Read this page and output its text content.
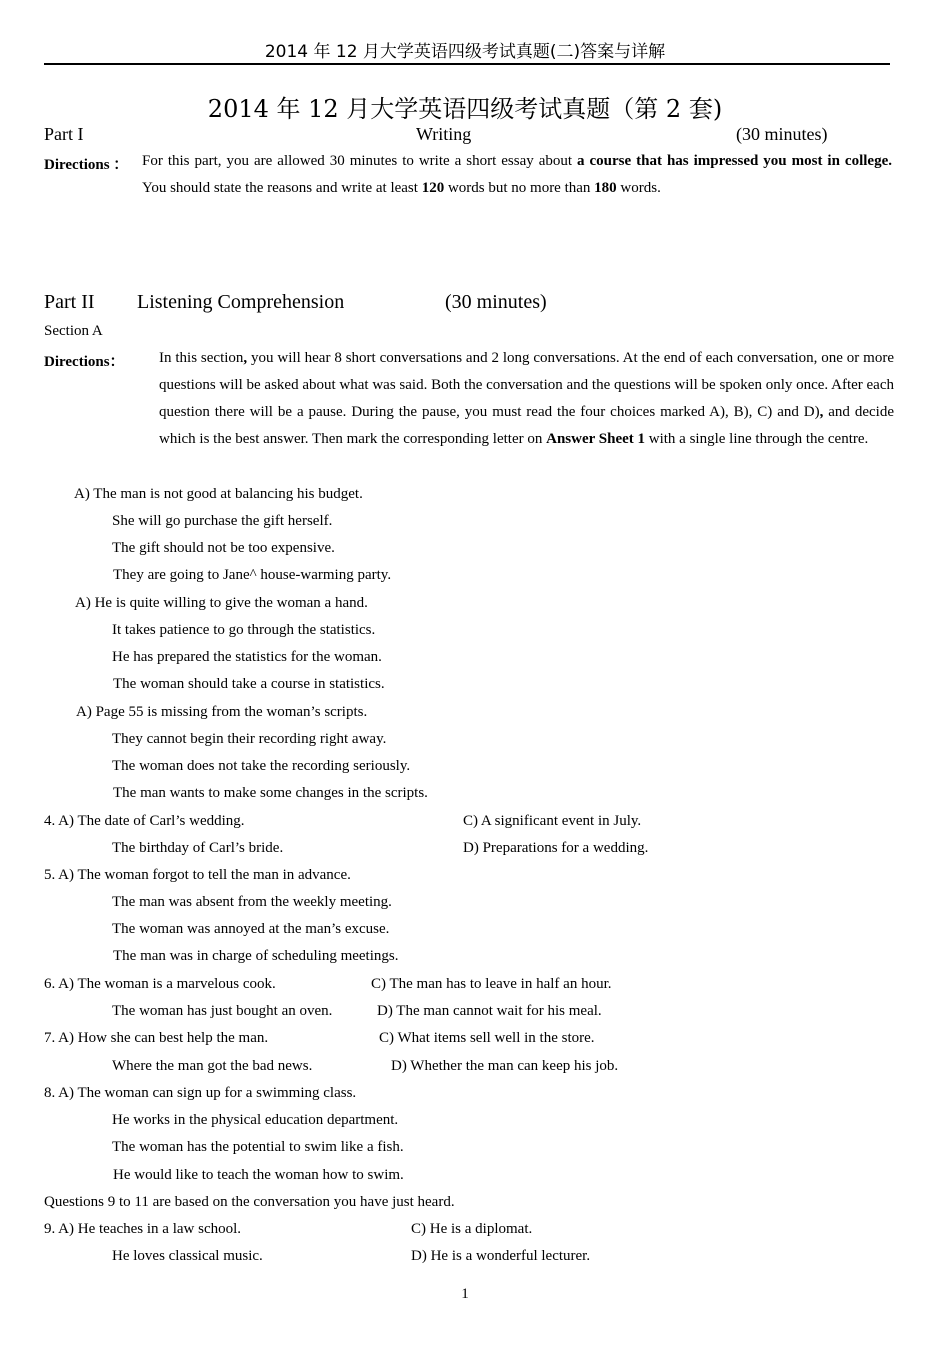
2014 年 12 月大学英语四级考试真题(二)答案与详解
2014 年 12 月大学英语四级考试真题（第 2 套)
Part I	Writing	(30 minutes)
Directions ： For this part, you are allowed 30 minutes to write a short essay about a course that has impressed you most in college. You should state the reasons and write at least 120 words but no more than 180 words.
Part II Listening Comprehension	(30 minutes)
Section A
Directions：	In this section, you will hear 8 short conversations and 2 long conversations. At the end of each conversation, one or more questions will be asked about what was said. Both the conversation and the questions will be spoken only once. After each question there will be a pause. During the pause, you must read the four choices marked A), B), C) and D), and decide which is the best answer. Then mark the corresponding letter on Answer Sheet 1 with a single line through the centre.
A) The man is not good at balancing his budget.
She will go purchase the gift herself.
The gift should not be too expensive.
They are going to Jane^ house-warming party.
A) He is quite willing to give the woman a hand.
It takes patience to go through the statistics.
He has prepared the statistics for the woman.
The woman should take a course in statistics.
A) Page 55 is missing from the woman’s scripts.
They cannot begin their recording right away.
The woman does not take the recording seriously.
The man wants to make some changes in the scripts.
4. A) The date of Carl’s wedding.	C) A significant event in July.
The birthday of Carl’s bride.	D) Preparations for a wedding.
5. A) The woman forgot to tell the man in advance.
The man was absent from the weekly meeting.
The woman was annoyed at the man’s excuse.
The man was in charge of scheduling meetings.
6. A) The woman is a marvelous cook.	C) The man has to leave in half an hour.
The woman has just bought an oven.	D) The man cannot wait for his meal.
7. A) How she can best help the man.	C) What items sell well in the store.
Where the man got the bad news.	D) Whether the man can keep his job.
8. A) The woman can sign up for a swimming class.
He works in the physical education department.
The woman has the potential to swim like a fish.
He would like to teach the woman how to swim.
Questions 9 to 11 are based on the conversation you have just heard.
9. A) He teaches in a law school.	C) He is a diplomat.
He loves classical music.	D) He is a wonderful lecturer.
1
